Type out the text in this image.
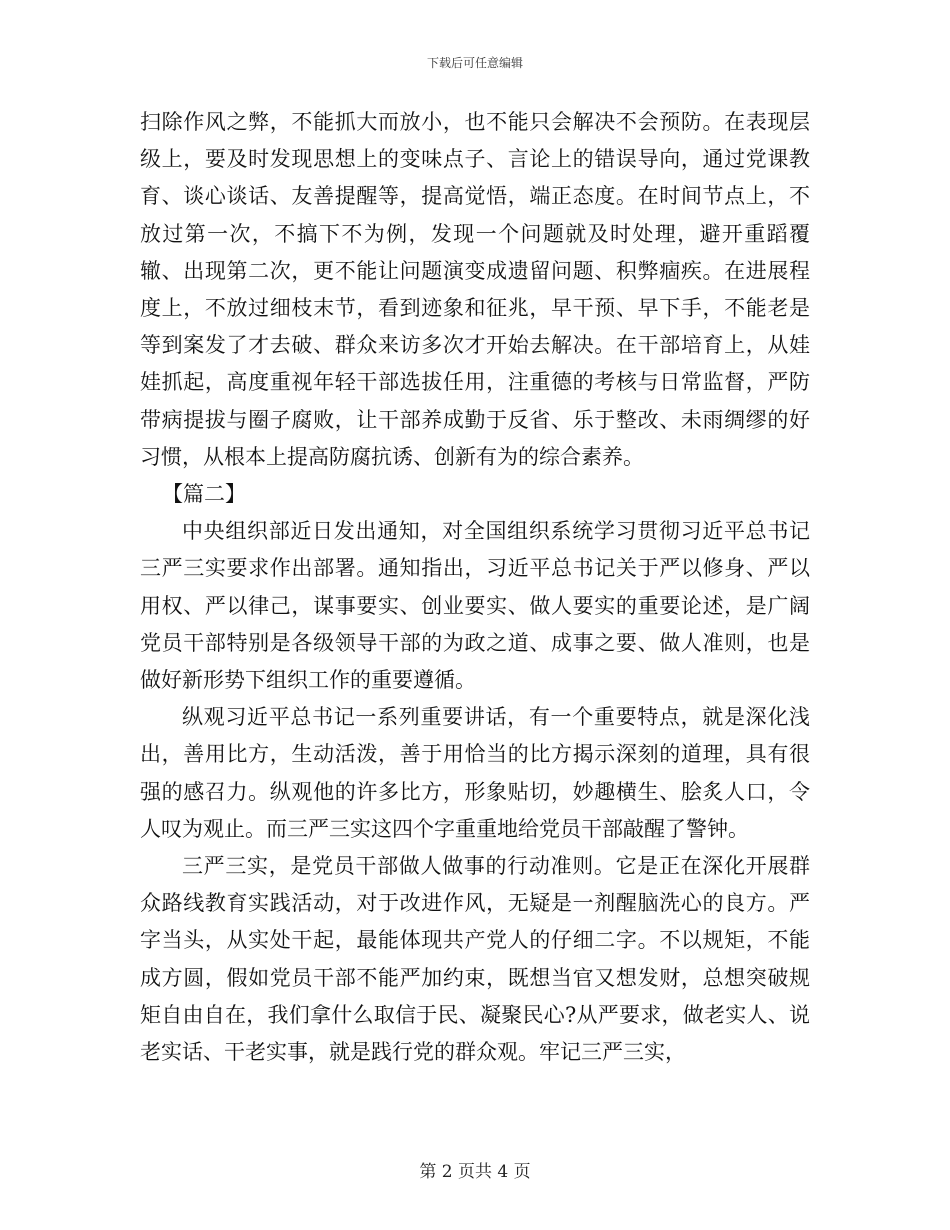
下载后可任意编辑

扫除作风之弊，不能抓大而放小，也不能只会解决不会预防。在表现层级上，要及时发现思想上的变味点子、言论上的错误导向，通过党课教育、谈心谈话、友善提醒等，提高觉悟，端正态度。在时间节点上，不放过第一次，不搞下不为例，发现一个问题就及时处理，避开重蹈覆辙、出现第二次，更不能让问题演变成遗留问题、积弊痼疾。在进展程度上，不放过细枝末节，看到迹象和征兆，早干预、早下手，不能老是等到案发了才去破、群众来访多次才开始去解决。在干部培育上，从娃娃抓起，高度重视年轻干部选拔任用，注重德的考核与日常监督，严防带病提拔与圈子腐败，让干部养成勤于反省、乐于整改、未雨绸缪的好习惯，从根本上提高防腐抗诱、创新有为的综合素养。

【篇二】

中央组织部近日发出通知，对全国组织系统学习贯彻习近平总书记三严三实要求作出部署。通知指出，习近平总书记关于严以修身、严以用权、严以律己，谋事要实、创业要实、做人要实的重要论述，是广阔党员干部特别是各级领导干部的为政之道、成事之要、做人准则，也是做好新形势下组织工作的重要遵循。

纵观习近平总书记一系列重要讲话，有一个重要特点，就是深化浅出，善用比方，生动活泼，善于用恰当的比方揭示深刻的道理，具有很强的感召力。纵观他的许多比方，形象贴切，妙趣横生、脍炙人口，令人叹为观止。而三严三实这四个字重重地给党员干部敲醒了警钟。

三严三实，是党员干部做人做事的行动准则。它是正在深化开展群众路线教育实践活动，对于改进作风，无疑是一剂醒脑洗心的良方。严字当头，从实处干起，最能体现共产党人的仔细二字。不以规矩，不能成方圆，假如党员干部不能严加约束，既想当官又想发财，总想突破规矩自由自在，我们拿什么取信于民、凝聚民心?从严要求，做老实人、说老实话、干老实事，就是践行党的群众观。牢记三严三实，

第 2 页共 4 页
